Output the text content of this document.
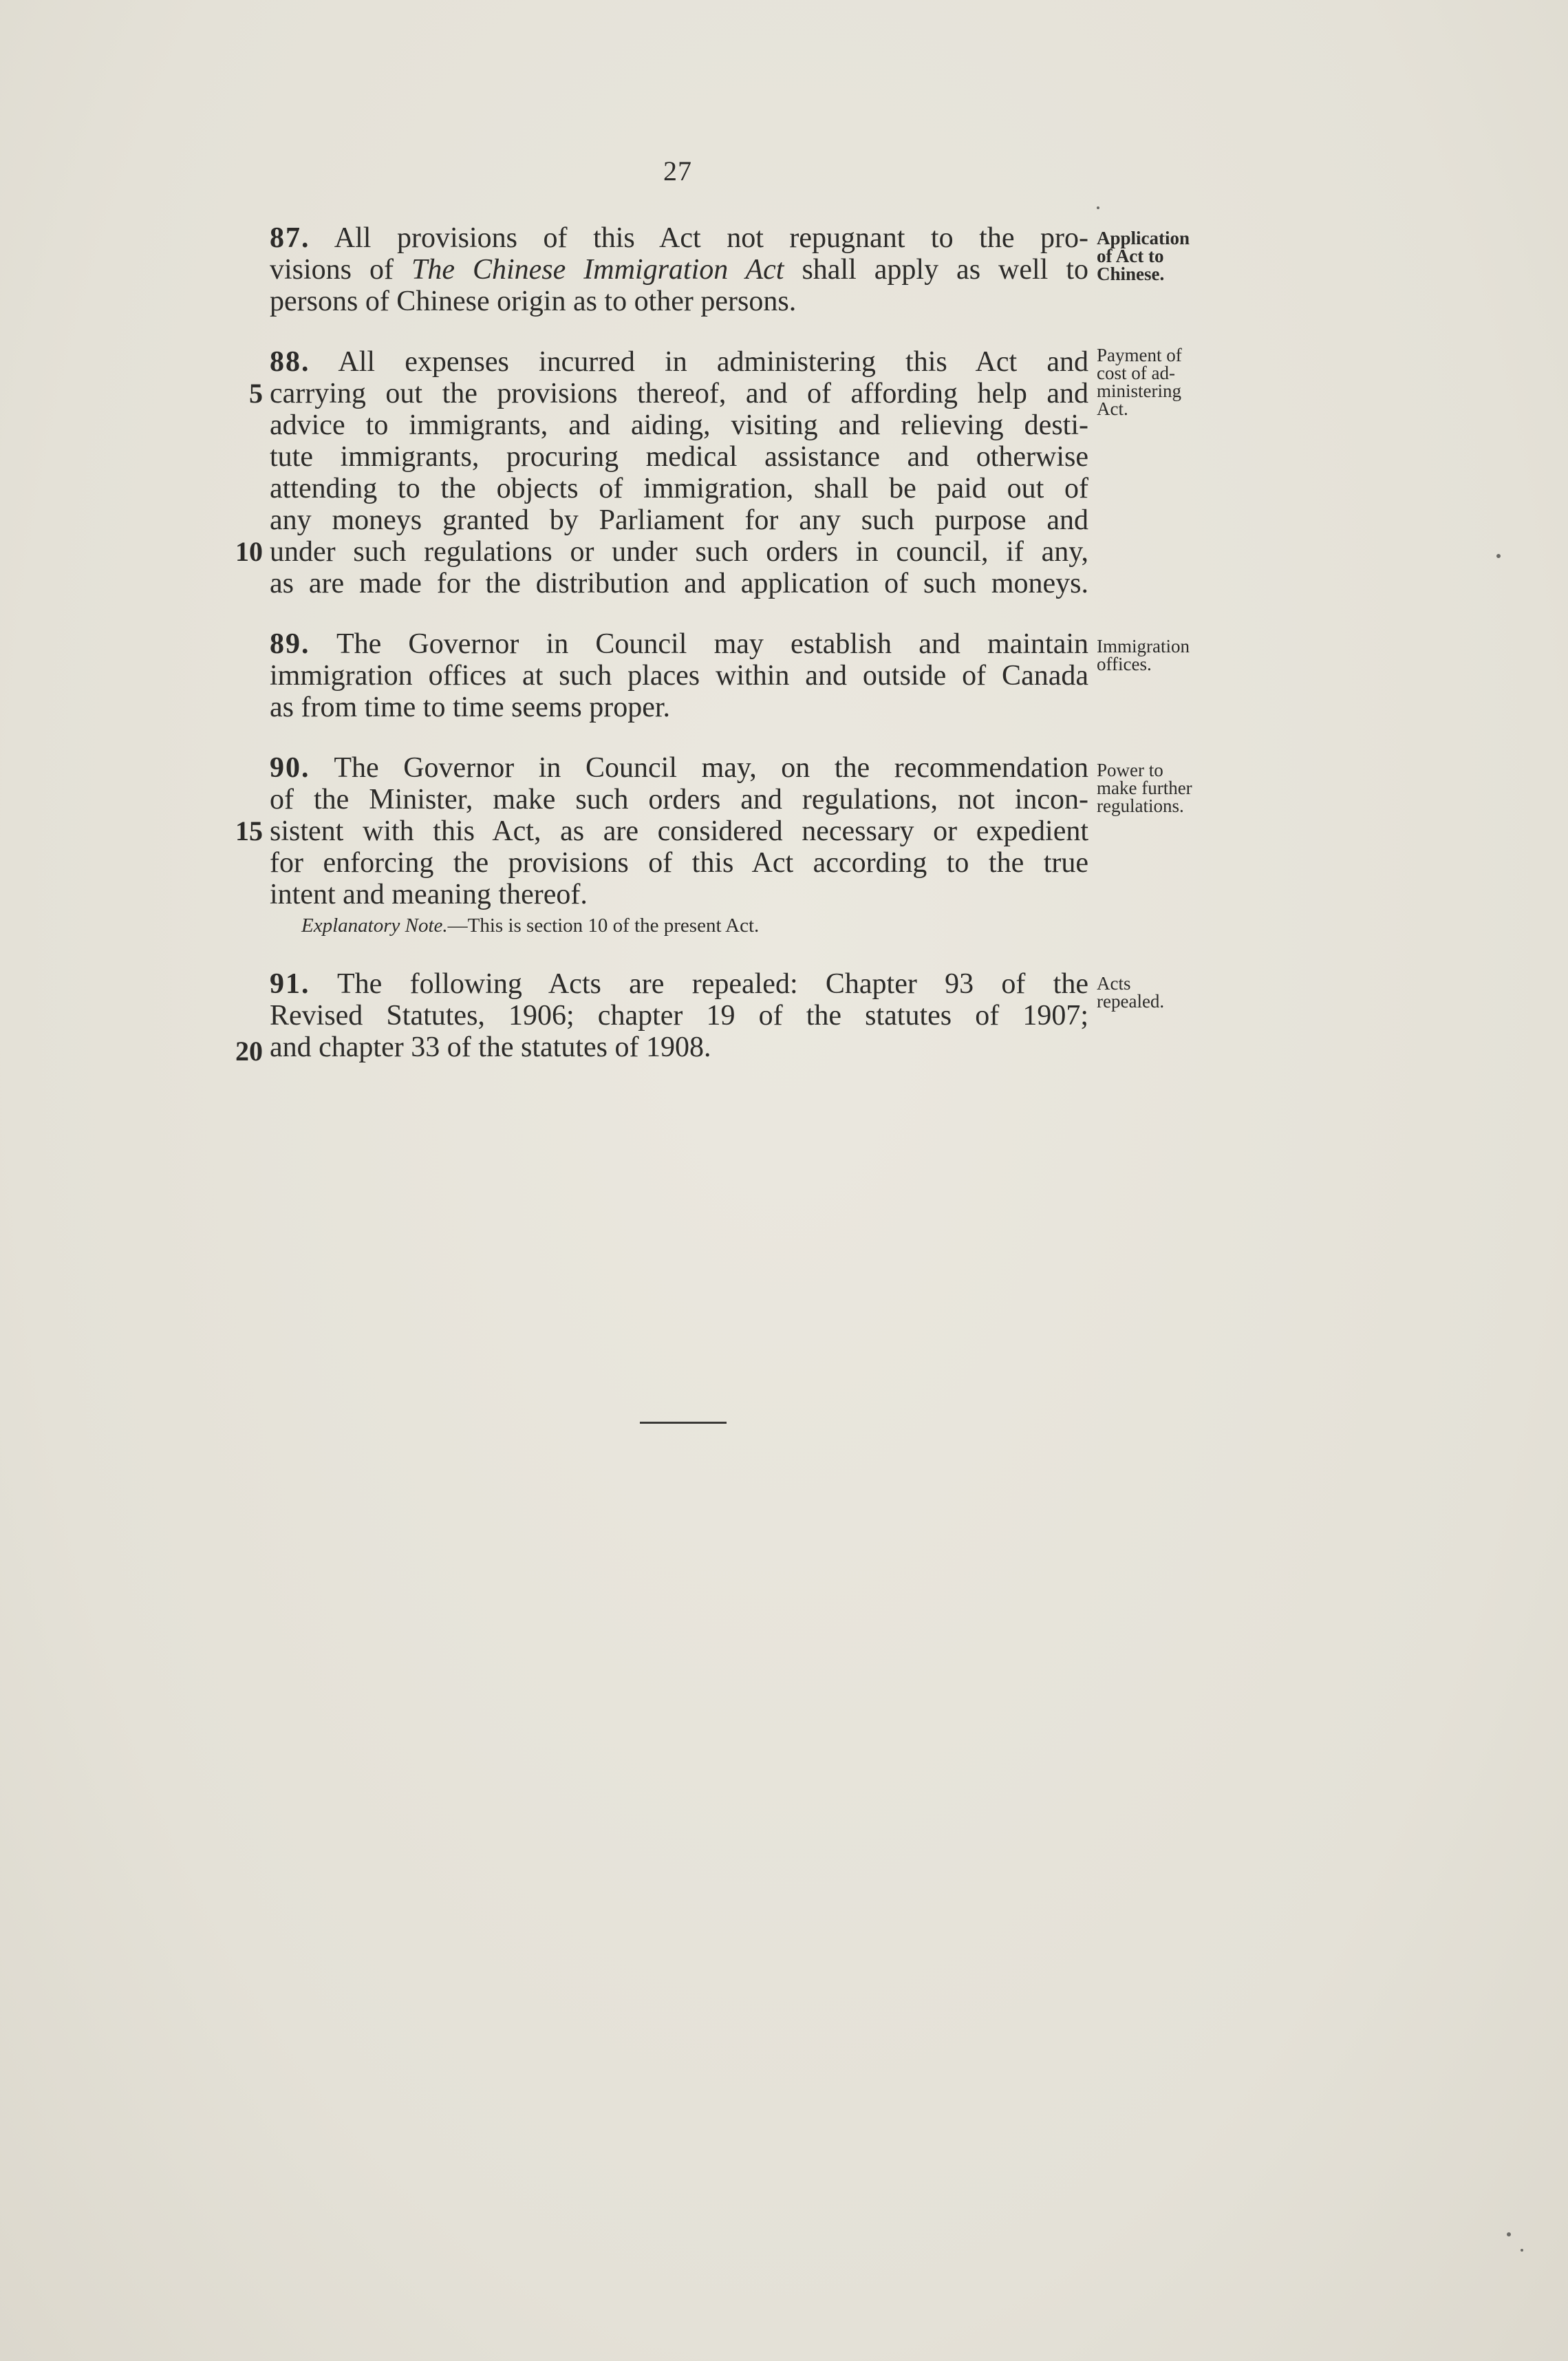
27
87. All provisions of this Act not repugnant to the pro-
visions of The Chinese Immigration Act shall apply as well to
persons of Chinese origin as to other persons.
Application
of Act to
Chinese.
88. All expenses incurred in administering this Act and
carrying out the provisions thereof, and of affording help and
5
advice to immigrants, and aiding, visiting and relieving desti-
tute immigrants, procuring medical assistance and otherwise
attending to the objects of immigration, shall be paid out of
any moneys granted by Parliament for any such purpose and
under such regulations or under such orders in council, if any,
10
as are made for the distribution and application of such moneys.
Payment of
cost of ad-
ministering
Act.
89. The Governor in Council may establish and maintain
immigration offices at such places within and outside of Canada
as from time to time seems proper.
Immigration
offices.
90. The Governor in Council may, on the recommendation
of the Minister, make such orders and regulations, not incon-
sistent with this Act, as are considered necessary or expedient
15
for enforcing the provisions of this Act according to the true
intent and meaning thereof.
Explanatory Note.—This is section 10 of the present Act.
Power to
make further
regulations.
91. The following Acts are repealed: Chapter 93 of the
Revised Statutes, 1906; chapter 19 of the statutes of 1907;
and chapter 33 of the statutes of 1908.
20
Acts
repealed.
